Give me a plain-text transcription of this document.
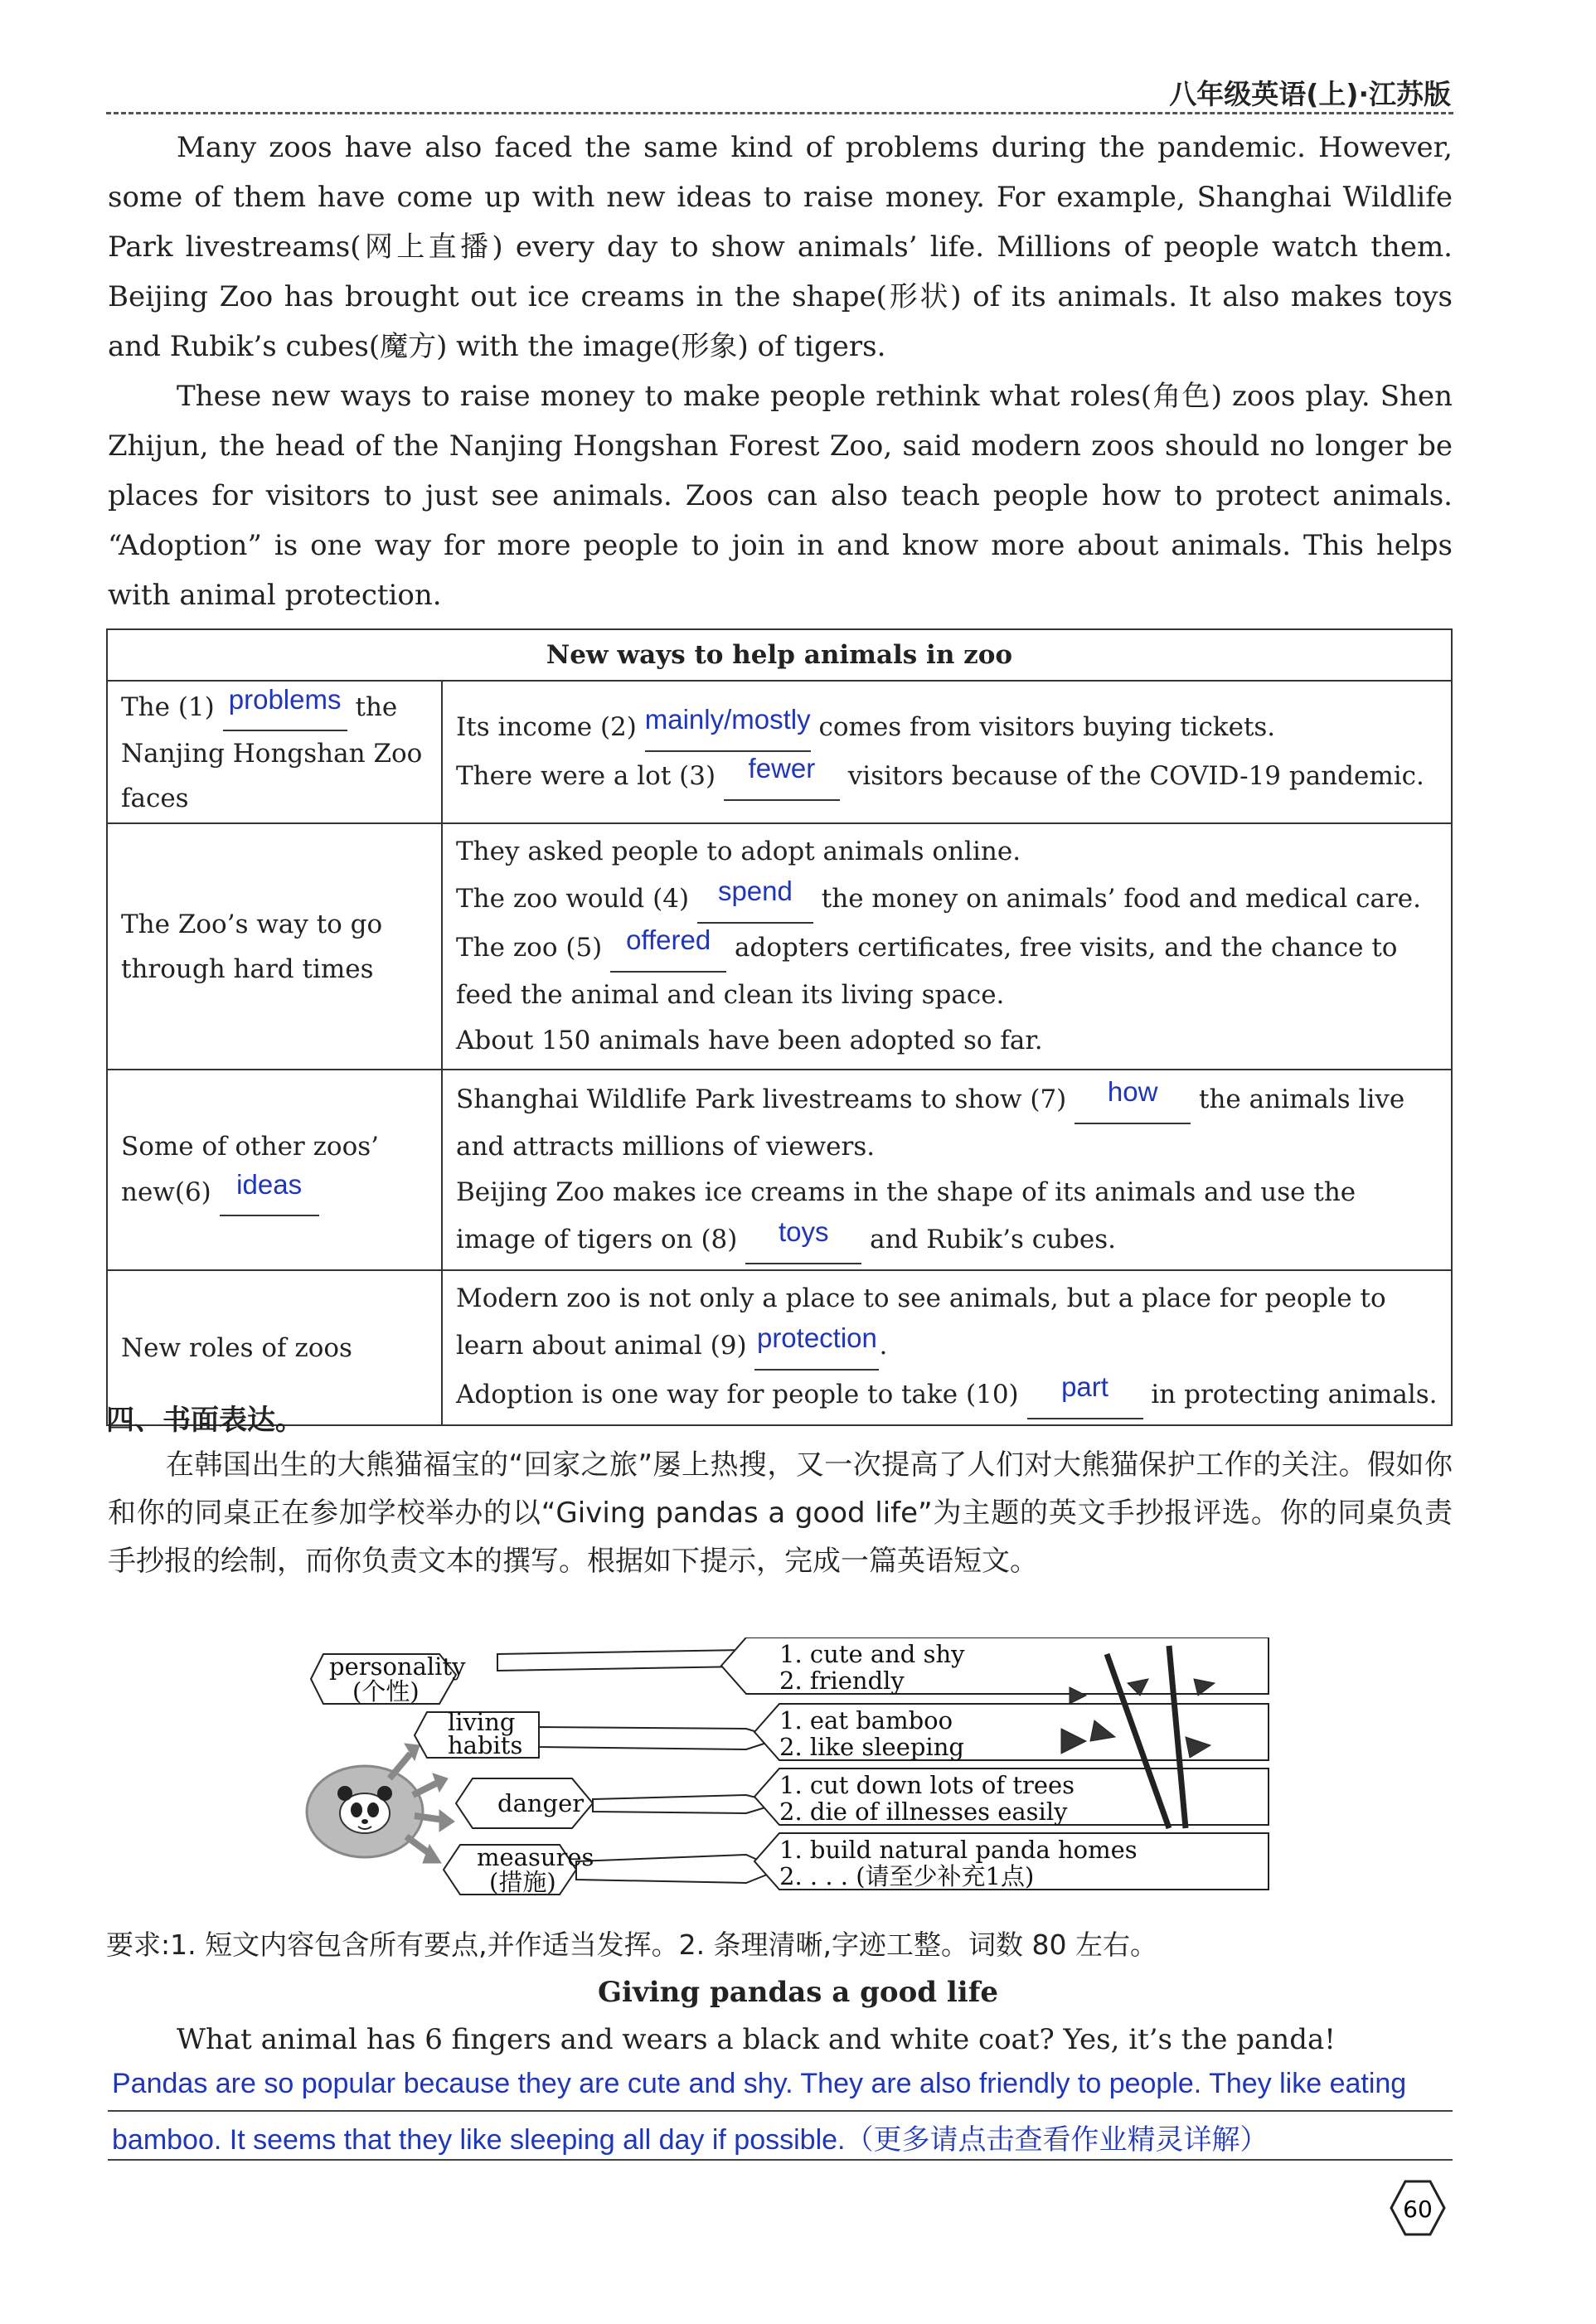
八年级英语(上)·江苏版

Many zoos have also faced the same kind of problems during the pandemic. However, some of them have come up with new ideas to raise money. For example, Shanghai Wildlife Park livestreams(网上直播) every day to show animals’ life. Millions of people watch them. Beijing Zoo has brought out ice creams in the shape(形状) of its animals. It also makes toys and Rubik’s cubes(魔方) with the image(形象) of tigers.

These new ways to raise money to make people rethink what roles(角色) zoos play. Shen Zhijun, the head of the Nanjing Hongshan Forest Zoo, said modern zoos should no longer be places for visitors to just see animals. Zoos can also teach people how to protect animals. “Adoption” is one way for more people to join in and know more about animals. This helps with animal protection.

New ways to help animals in zoo	
The (1) problems the Nanjing Hongshan Zoo faces	Its income (2) mainly/mostly comes from visitors buying tickets.
There were a lot (3) fewer visitors because of the COVID-19 pandemic.

The Zoo’s way to go through hard times	They asked people to adopt animals online.
The zoo would (4) spend the money on animals’ food and medical care.
The zoo (5) offered adopters certificates, free visits, and the chance to feed the animal and clean its living space.
About 150 animals have been adopted so far.

Some of other zoos’ new(6) ideas	Shanghai Wildlife Park livestreams to show (7) how the animals live and attracts millions of viewers.
Beijing Zoo makes ice creams in the shape of its animals and use the image of tigers on (8) toys and Rubik’s cubes.

New roles of zoos	Modern zoo is not only a place to see animals, but a place for people to learn about animal (9) protection.
Adoption is one way for people to take (10) part in protecting animals.
四、书面表达。

在韩国出生的大熊猫福宝的“回家之旅”屡上热搜，又一次提高了人们对大熊猫保护工作的关注。假如你和你的同桌正在参加学校举办的以“Giving pandas a good life”为主题的英文手抄报评选。你的同桌负责手抄报的绘制，而你负责文本的撰写。根据如下提示，完成一篇英语短文。

personality
(个性)
living
habits
danger
measures
(措施)
1. cute and shy
2. friendly
1. eat bamboo
2. like sleeping
1. cut down lots of trees
2. die of illnesses easily
1. build natural panda homes
2. . . . (请至少补充1点)
要求:1. 短文内容包含所有要点,并作适当发挥。2. 条理清晰,字迹工整。词数 80 左右。
Giving pandas a good life
What animal has 6 fingers and wears a black and white coat? Yes, it’s the panda!
Pandas are so popular because they are cute and shy. They are also friendly to people. They like eating
bamboo. It seems that they like sleeping all day if possible.（更多请点击查看作业精灵详解）
60
